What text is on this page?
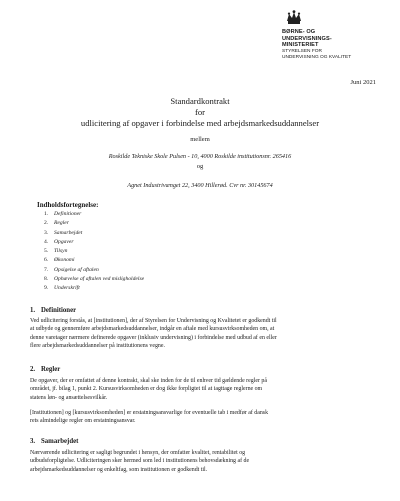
BØRNE- OG
UNDERVISNINGS-
MINISTERIET
STYRELSEN FOR
UNDERVISNING OG KVALITET
Juni 2021
Standardkontrakt
for
udlicitering af opgaver i forbindelse med arbejdsmarkedsuddannelser
mellem
Roskilde Tekniske Skole Pulsen - 10, 4000 Roskilde institutionsnr. 265416
og
Agnet Industrivænget 22, 3400 Hillerød. Cvr nr. 30145674
Indholdsfortegnelse:
1. Definitioner
2. Regler
3. Samarbejdet
4. Opgaver
5. Tilsyn
6. Økonomi
7. Opsigelse af aftalen
8. Ophævelse af aftalen ved misligholdelse
9. Underskrift
1. Definitioner
Ved udlicitering forstås, at [institutionen], der af Styrelsen for Undervisning og Kvalitetet er godkendt til
at udbyde og gennemføre arbejdsmarkedsuddannelser, indgår en aftale med kursusvirksomheden om, at
denne varetager nærmere definerede opgaver (inklusiv undervisning) i forbindelse med udbud af en eller
flere arbejdsmarkedsuddannelser på institutionens vegne.
2. Regler
De opgaver, der er omfattet af denne kontrakt, skal ske inden for de til enhver tid gældende regler på
området, jf. bilag 1, punkt 2. Kursusvirksomheden er dog ikke forpligtet til at iagttage reglerne om
statens løn- og ansættelsesvilkår.
[Institutionen] og [kursusvirksomheden] er erstatningsansvarlige for eventuelle tab i medfør af dansk
rets almindelige regler om erstatningsansvar.
3. Samarbejdet
Nærværende udlicitering er sagligt begrundet i hensyn, der omfatter kvalitet, rentabilitet og
udbudsforpligtelse. Udliciteringen sker hermed som led i institutionens behovsdækning af de
arbejdsmarkedsuddannelser og enkeltfag, som institutionen er godkendt til.
